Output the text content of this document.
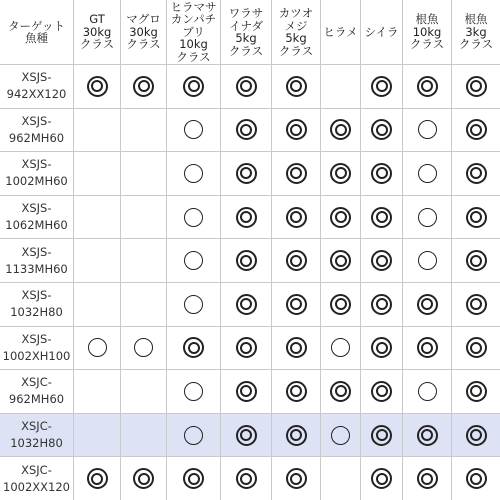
ターゲット
魚種
GT
30kg
クラス
マグロ
30kg
クラス
ヒラマサ
カンパチ
ブリ
10kg
クラス
ワラサ
イナダ
5kg
クラス
カツオ
メジ
5kg
クラス
ヒラメ シイラ
根魚
10kg
クラス
根魚
3kg
クラス
XSJS-
942XX120
XSJS-
962MH60
XSJS-
1002MH60
XSJS-
1062MH60
XSJS-
1133MH60
XSJS-
1032H80
XSJS-
1002XH100
XSJC-
962MH60
XSJC-
1032H80
XSJC-
1002XX120
